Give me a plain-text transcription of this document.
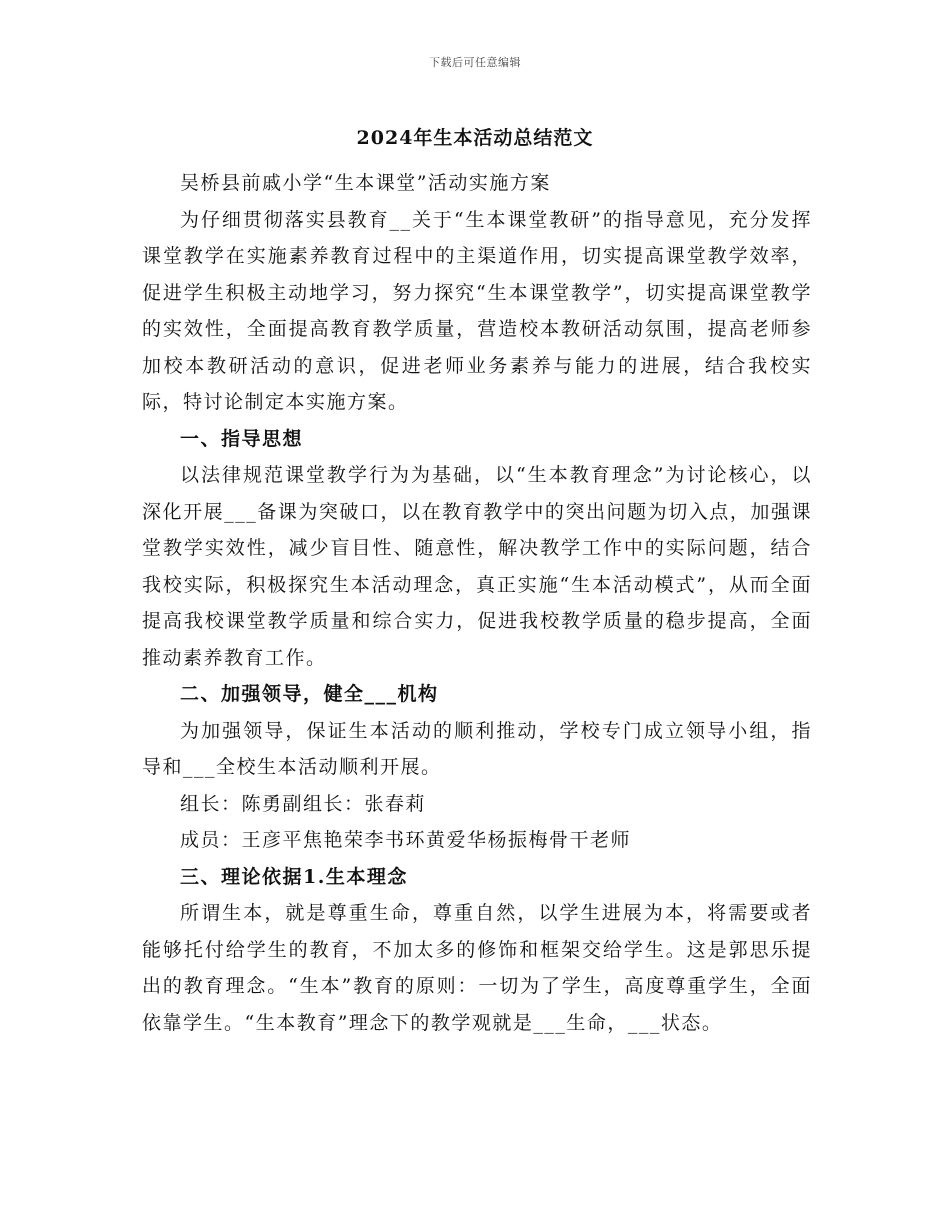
下载后可任意编辑
2024年生本活动总结范文

吴桥县前戚小学“生本课堂”活动实施方案

为仔细贯彻落实县教育__关于“生本课堂教研”的指导意见，充分发挥课堂教学在实施素养教育过程中的主渠道作用，切实提高课堂教学效率，促进学生积极主动地学习，努力探究“生本课堂教学”，切实提高课堂教学的实效性，全面提高教育教学质量，营造校本教研活动氛围，提高老师参加校本教研活动的意识，促进老师业务素养与能力的进展，结合我校实际，特讨论制定本实施方案。

一、指导思想

以法律规范课堂教学行为为基础，以“生本教育理念”为讨论核心，以深化开展___备课为突破口，以在教育教学中的突出问题为切入点，加强课堂教学实效性，减少盲目性、随意性，解决教学工作中的实际问题，结合我校实际，积极探究生本活动理念，真正实施“生本活动模式”，从而全面提高我校课堂教学质量和综合实力，促进我校教学质量的稳步提高，全面推动素养教育工作。

二、加强领导，健全___机构

为加强领导，保证生本活动的顺利推动，学校专门成立领导小组，指导和___全校生本活动顺利开展。

组长：陈勇副组长：张春莉

成员：王彦平焦艳荣李书环黄爱华杨振梅骨干老师

三、理论依据1.生本理念

所谓生本，就是尊重生命，尊重自然，以学生进展为本，将需要或者能够托付给学生的教育，不加太多的修饰和框架交给学生。这是郭思乐提出的教育理念。“生本”教育的原则：一切为了学生，高度尊重学生，全面依靠学生。“生本教育”理念下的教学观就是___生命，___状态。
